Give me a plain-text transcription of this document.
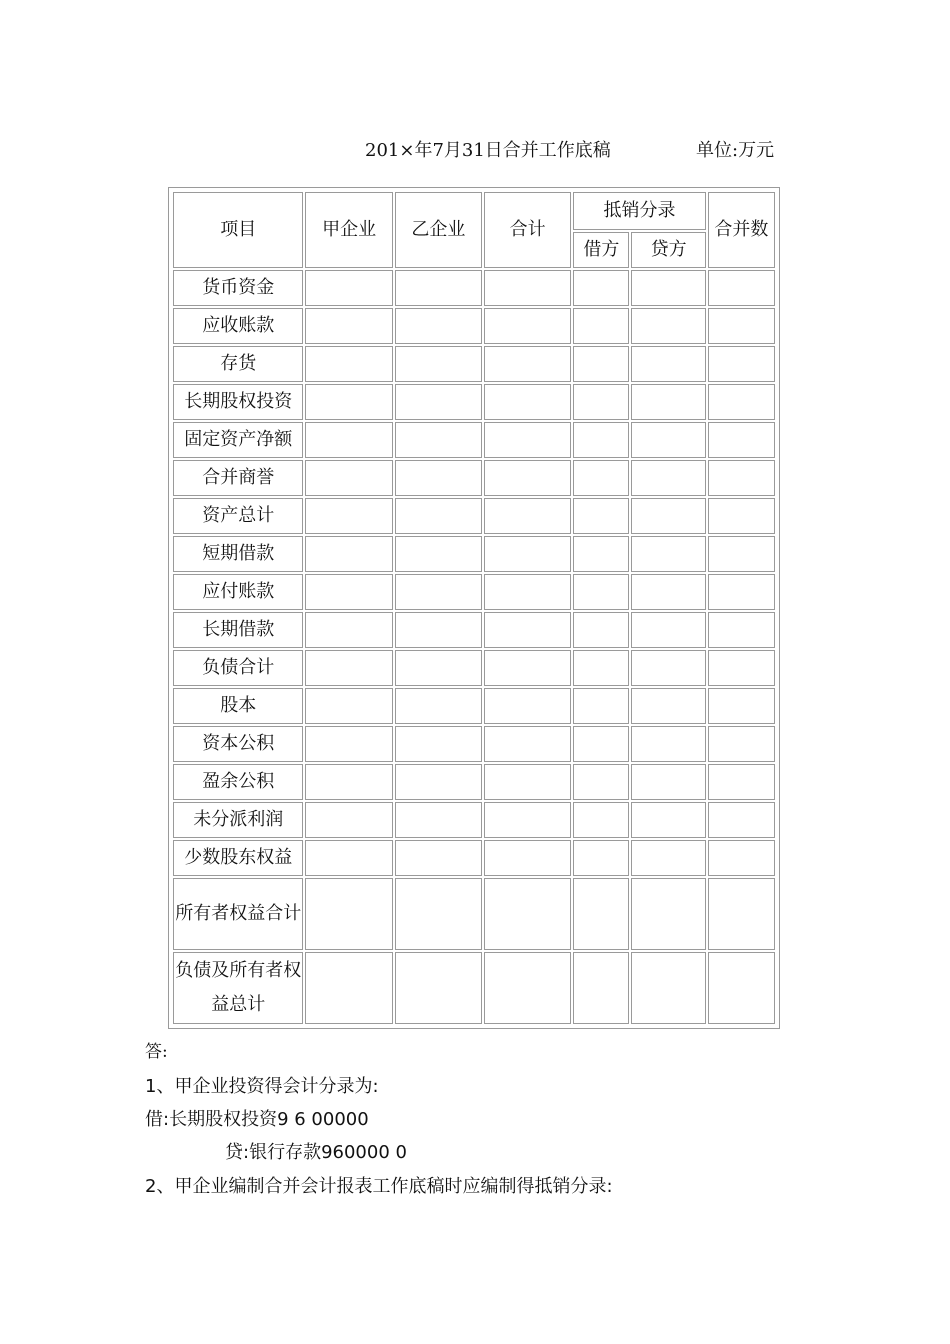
201×年7月31日合并工作底稿	单位:万元
项目	甲企业	乙企业	合计	抵销分录		合并数
				借方	贷方	
货币资金						
应收账款						
存货						
长期股权投资						
固定资产净额						
合并商誉						
资产总计						
短期借款						
应付账款						
长期借款						
负债合计						
股本						
资本公积						
盈余公积						
未分派利润						
少数股东权益						
所有者权益合计						
负债及所有者权益总计						
答:
1、甲企业投资得会计分录为:
借:长期股权投资9 6 00000
贷:银行存款960000 0
2、甲企业编制合并会计报表工作底稿时应编制得抵销分录:
